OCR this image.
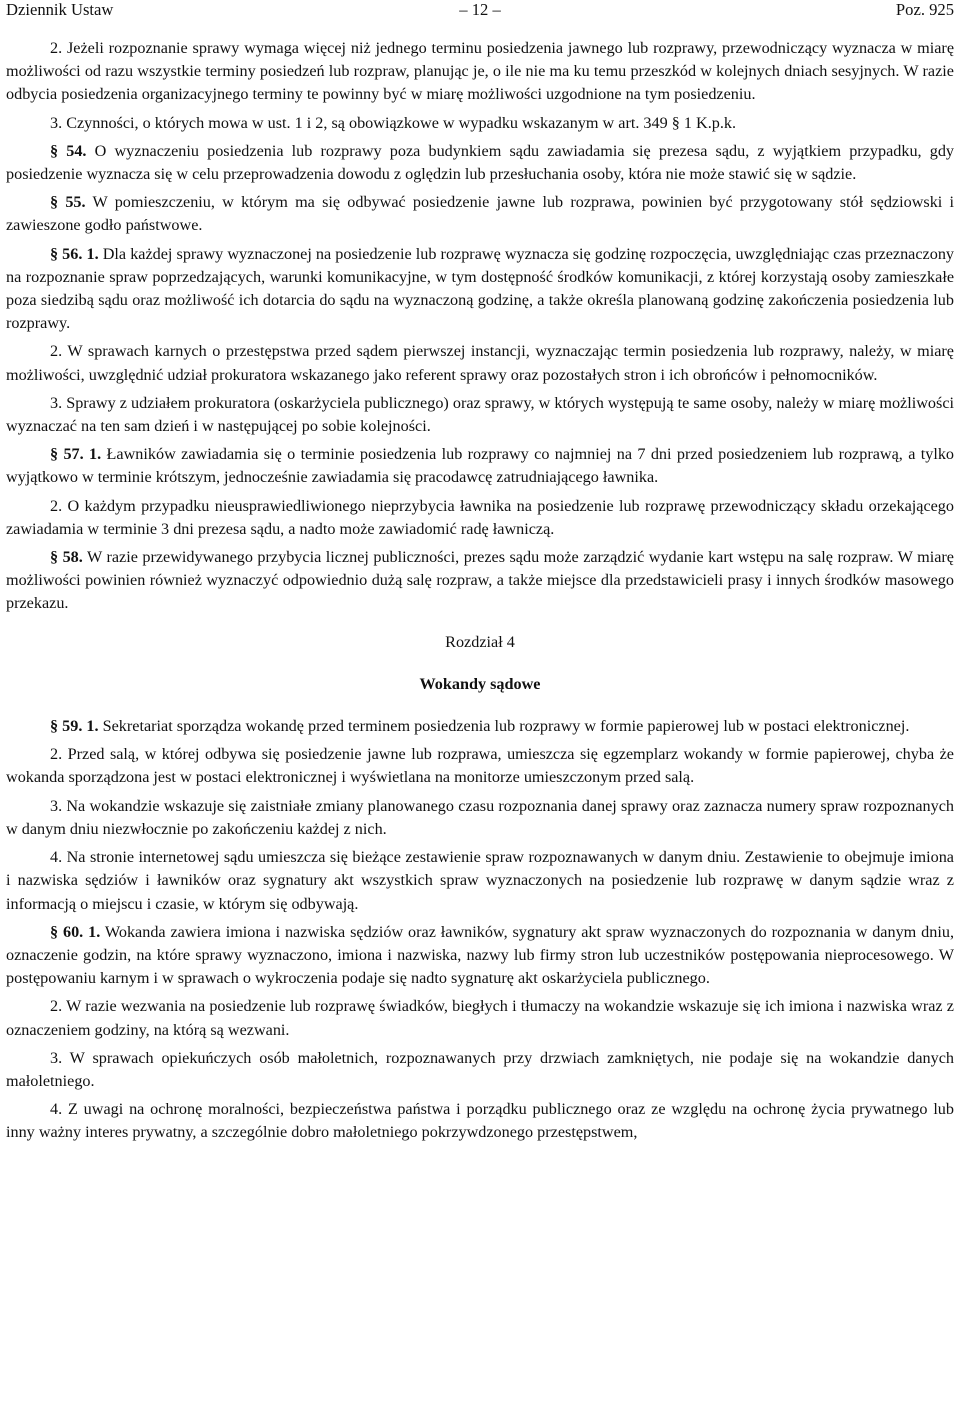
Dziennik Ustaw	– 12 –	Poz. 925

2. Jeżeli rozpoznanie sprawy wymaga więcej niż jednego terminu posiedzenia jawnego lub rozprawy, przewodniczący wyznacza w miarę możliwości od razu wszystkie terminy posiedzeń lub rozpraw, planując je, o ile nie ma ku temu przeszkód w kolejnych dniach sesyjnych. W razie odbycia posiedzenia organizacyjnego terminy te powinny być w miarę możliwości uzgodnione na tym posiedzeniu.

3. Czynności, o których mowa w ust. 1 i 2, są obowiązkowe w wypadku wskazanym w art. 349 § 1 K.p.k.

§ 54. O wyznaczeniu posiedzenia lub rozprawy poza budynkiem sądu zawiadamia się prezesa sądu, z wyjątkiem przypadku, gdy posiedzenie wyznacza się w celu przeprowadzenia dowodu z oględzin lub przesłuchania osoby, która nie może stawić się w sądzie.

§ 55. W pomieszczeniu, w którym ma się odbywać posiedzenie jawne lub rozprawa, powinien być przygotowany stół sędziowski i zawieszone godło państwowe.

§ 56. 1. Dla każdej sprawy wyznaczonej na posiedzenie lub rozprawę wyznacza się godzinę rozpoczęcia, uwzględniając czas przeznaczony na rozpoznanie spraw poprzedzających, warunki komunikacyjne, w tym dostępność środków komunikacji, z której korzystają osoby zamieszkałe poza siedzibą sądu oraz możliwość ich dotarcia do sądu na wyznaczoną godzinę, a także określa planowaną godzinę zakończenia posiedzenia lub rozprawy.

2. W sprawach karnych o przestępstwa przed sądem pierwszej instancji, wyznaczając termin posiedzenia lub rozprawy, należy, w miarę możliwości, uwzględnić udział prokuratora wskazanego jako referent sprawy oraz pozostałych stron i ich obrońców i pełnomocników.

3. Sprawy z udziałem prokuratora (oskarżyciela publicznego) oraz sprawy, w których występują te same osoby, należy w miarę możliwości wyznaczać na ten sam dzień i w następującej po sobie kolejności.

§ 57. 1. Ławników zawiadamia się o terminie posiedzenia lub rozprawy co najmniej na 7 dni przed posiedzeniem lub rozprawą, a tylko wyjątkowo w terminie krótszym, jednocześnie zawiadamia się pracodawcę zatrudniającego ławnika.

2. O każdym przypadku nieusprawiedliwionego nieprzybycia ławnika na posiedzenie lub rozprawę przewodniczący składu orzekającego zawiadamia w terminie 3 dni prezesa sądu, a nadto może zawiadomić radę ławniczą.

§ 58. W razie przewidywanego przybycia licznej publiczności, prezes sądu może zarządzić wydanie kart wstępu na salę rozpraw. W miarę możliwości powinien również wyznaczyć odpowiednio dużą salę rozpraw, a także miejsce dla przedstawicieli prasy i innych środków masowego przekazu.

Rozdział 4

Wokandy sądowe

§ 59. 1. Sekretariat sporządza wokandę przed terminem posiedzenia lub rozprawy w formie papierowej lub w postaci elektronicznej.

2. Przed salą, w której odbywa się posiedzenie jawne lub rozprawa, umieszcza się egzemplarz wokandy w formie papierowej, chyba że wokanda sporządzona jest w postaci elektronicznej i wyświetlana na monitorze umieszczonym przed salą.

3. Na wokandzie wskazuje się zaistniałe zmiany planowanego czasu rozpoznania danej sprawy oraz zaznacza numery spraw rozpoznanych w danym dniu niezwłocznie po zakończeniu każdej z nich.

4. Na stronie internetowej sądu umieszcza się bieżące zestawienie spraw rozpoznawanych w danym dniu. Zestawienie to obejmuje imiona i nazwiska sędziów i ławników oraz sygnatury akt wszystkich spraw wyznaczonych na posiedzenie lub rozprawę w danym sądzie wraz z informacją o miejscu i czasie, w którym się odbywają.

§ 60. 1. Wokanda zawiera imiona i nazwiska sędziów oraz ławników, sygnatury akt spraw wyznaczonych do rozpoznania w danym dniu, oznaczenie godzin, na które sprawy wyznaczono, imiona i nazwiska, nazwy lub firmy stron lub uczestników postępowania nieprocesowego. W postępowaniu karnym i w sprawach o wykroczenia podaje się nadto sygnaturę akt oskarżyciela publicznego.

2. W razie wezwania na posiedzenie lub rozprawę świadków, biegłych i tłumaczy na wokandzie wskazuje się ich imiona i nazwiska wraz z oznaczeniem godziny, na którą są wezwani.

3. W sprawach opiekuńczych osób małoletnich, rozpoznawanych przy drzwiach zamkniętych, nie podaje się na wokandzie danych małoletniego.

4. Z uwagi na ochronę moralności, bezpieczeństwa państwa i porządku publicznego oraz ze względu na ochronę życia prywatnego lub inny ważny interes prywatny, a szczególnie dobro małoletniego pokrzywdzonego przestępstwem,
